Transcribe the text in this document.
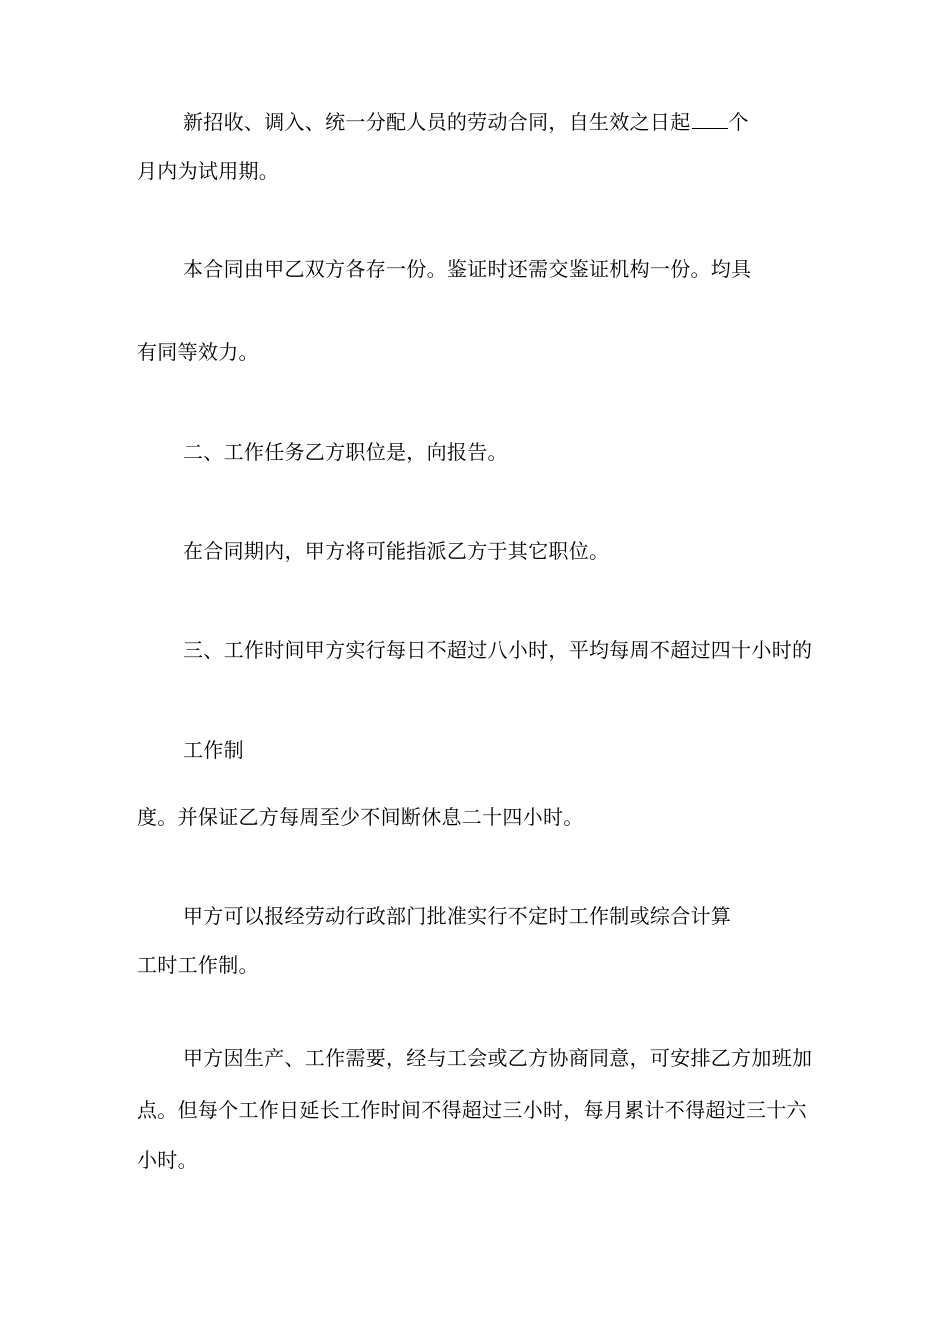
新招收、调入、统一分配人员的劳动合同，自生效之日起 个
月内为试用期。
本合同由甲乙双方各存一份。鉴证时还需交鉴证机构一份。均具
有同等效力。
二、工作任务乙方职位是，向报告。
在合同期内，甲方将可能指派乙方于其它职位。
三、工作时间甲方实行每日不超过八小时，平均每周不超过四十小时的
工作制
度。并保证乙方每周至少不间断休息二十四小时。
甲方可以报经劳动行政部门批准实行不定时工作制或综合计算
工时工作制。
甲方因生产、工作需要，经与工会或乙方协商同意，可安排乙方加班加
点。但每个工作日延长工作时间不得超过三小时，每月累计不得超过三十六
小时。
